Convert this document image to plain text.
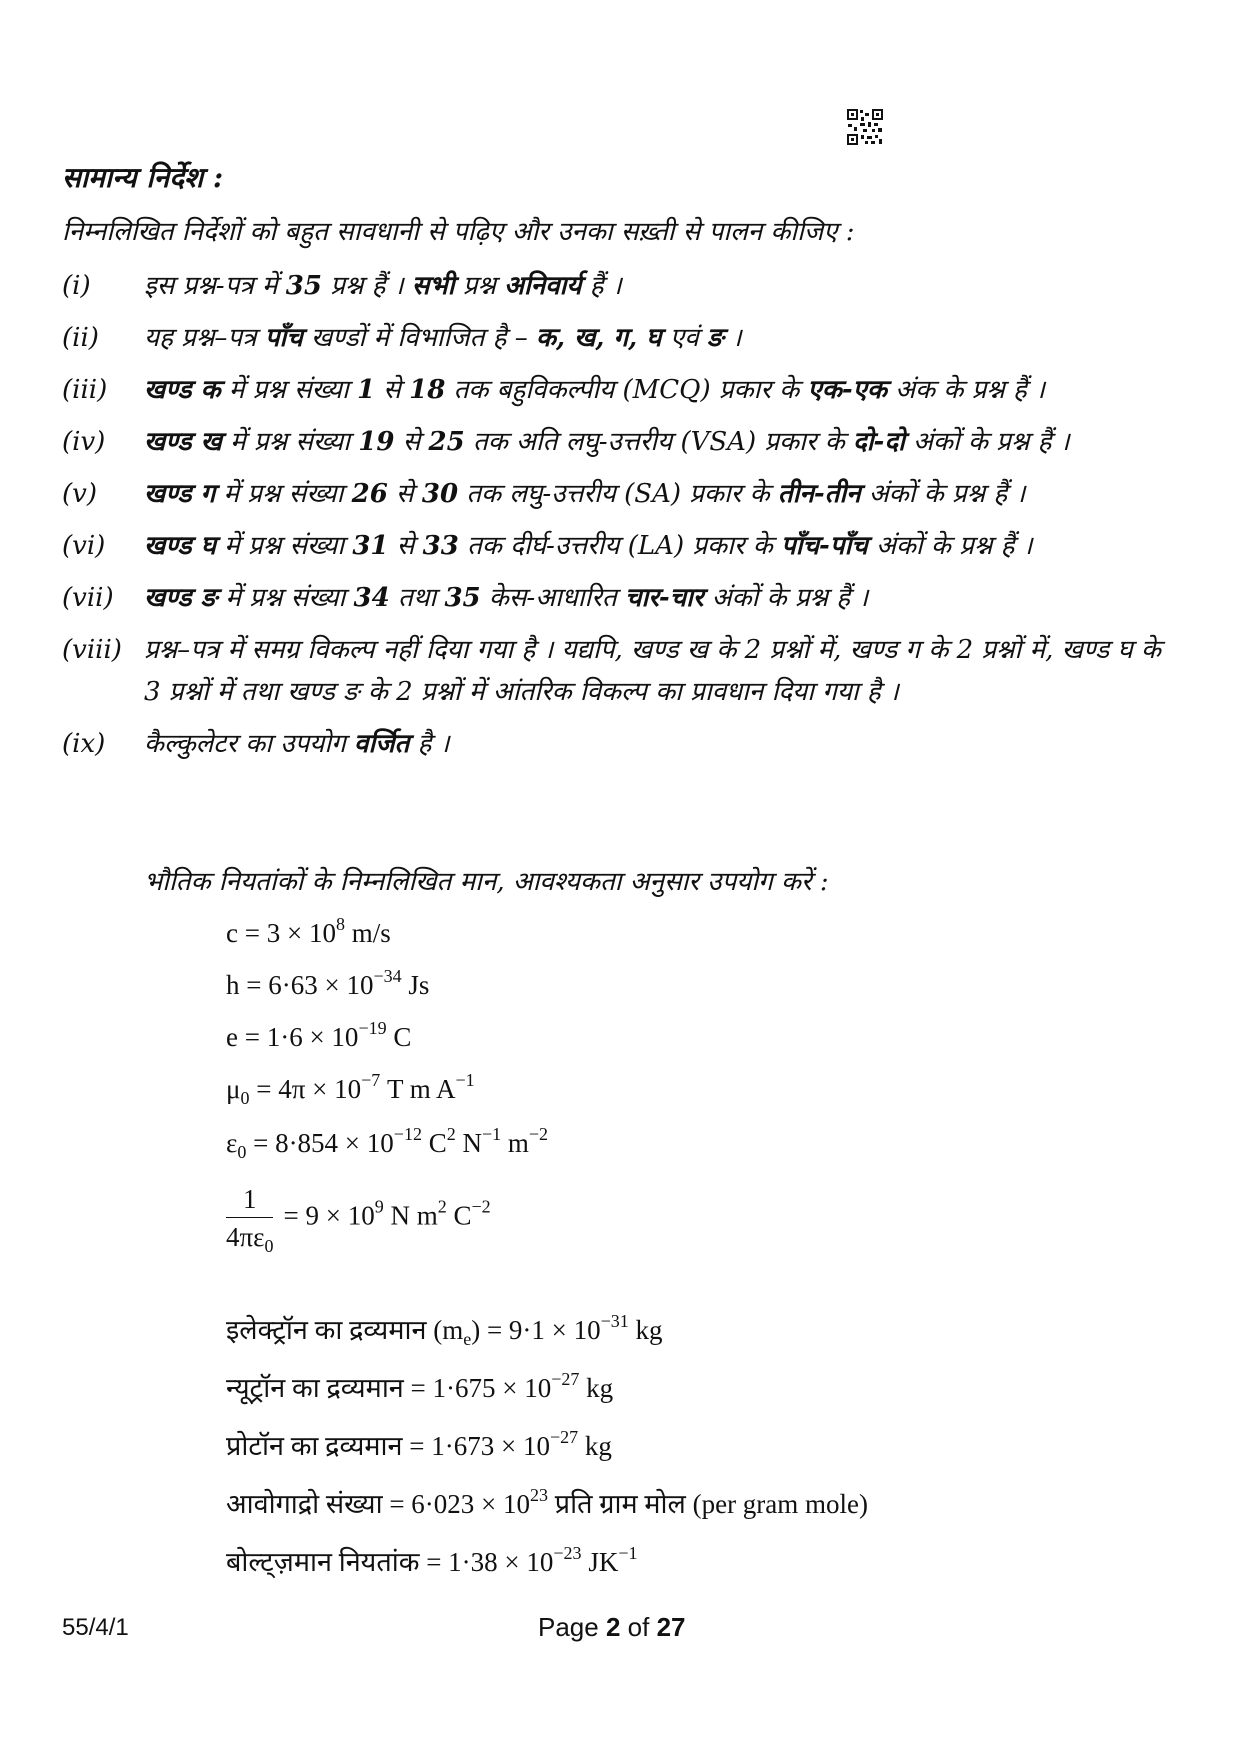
सामान्य निर्देश :
निम्नलिखित निर्देशों को बहुत सावधानी से पढ़िए और उनका सख़्ती से पालन कीजिए :
(i)	इस प्रश्न-पत्र में 35 प्रश्न हैं । सभी प्रश्न अनिवार्य हैं ।
(ii)	यह प्रश्न–पत्र पाँच खण्डों में विभाजित है – क, ख, ग, घ एवं ङ ।
(iii)	खण्ड क में प्रश्न संख्या 1 से 18 तक बहुविकल्पीय (MCQ) प्रकार के एक-एक अंक के प्रश्न हैं ।
(iv)	खण्ड ख में प्रश्न संख्या 19 से 25 तक अति लघु-उत्तरीय (VSA) प्रकार के दो-दो अंकों के प्रश्न हैं ।
(v)	खण्ड ग में प्रश्न संख्या 26 से 30 तक लघु-उत्तरीय (SA) प्रकार के तीन-तीन अंकों के प्रश्न हैं ।
(vi)	खण्ड घ में प्रश्न संख्या 31 से 33 तक दीर्घ-उत्तरीय (LA) प्रकार के पाँच-पाँच अंकों के प्रश्न हैं ।
(vii)	खण्ड ङ में प्रश्न संख्या 34 तथा 35 केस-आधारित चार-चार अंकों के प्रश्न हैं ।
(viii) प्रश्न–पत्र में समग्र विकल्प नहीं दिया गया है । यद्यपि, खण्ड ख के 2 प्रश्नों में, खण्ड ग के 2 प्रश्नों में, खण्ड घ के 3 प्रश्नों में तथा खण्ड ङ के 2 प्रश्नों में आंतरिक विकल्प का प्रावधान दिया गया है ।
(ix)	कैल्कुलेटर का उपयोग वर्जित है ।
भौतिक नियतांकों के निम्नलिखित मान, आवश्यकता अनुसार उपयोग करें :
$c = 3 \times 10^8$ m/s
$h = 6\cdot 63 \times 10^{-34}$ Js
$e = 1\cdot 6 \times 10^{-19}$ C
$\mu_0 = 4\pi \times 10^{-7}$ T m $A^{-1}$
$\varepsilon_0 = 8\cdot 854 \times 10^{-12}$ $C^2$ $N^{-1}$ $m^{-2}$
$\frac{1}{4\pi\varepsilon_0} = 9 \times 10^9$ N $m^2$ $C^{-2}$
इलेक्ट्रॉन का द्रव्यमान $(m_e) = 9\cdot 1 \times 10^{-31}$ kg
न्यूट्रॉन का द्रव्यमान = $1\cdot 675 \times 10^{-27}$ kg
प्रोटॉन का द्रव्यमान = $1\cdot 673 \times 10^{-27}$ kg
आवोगाद्रो संख्या = $6\cdot 023 \times 10^{23}$ प्रति ग्राम मोल (per gram mole)
बोल्ट्ज़मान नियतांक = $1\cdot 38 \times 10^{-23}$ $JK^{-1}$
55/4/1	Page 2 of 27
